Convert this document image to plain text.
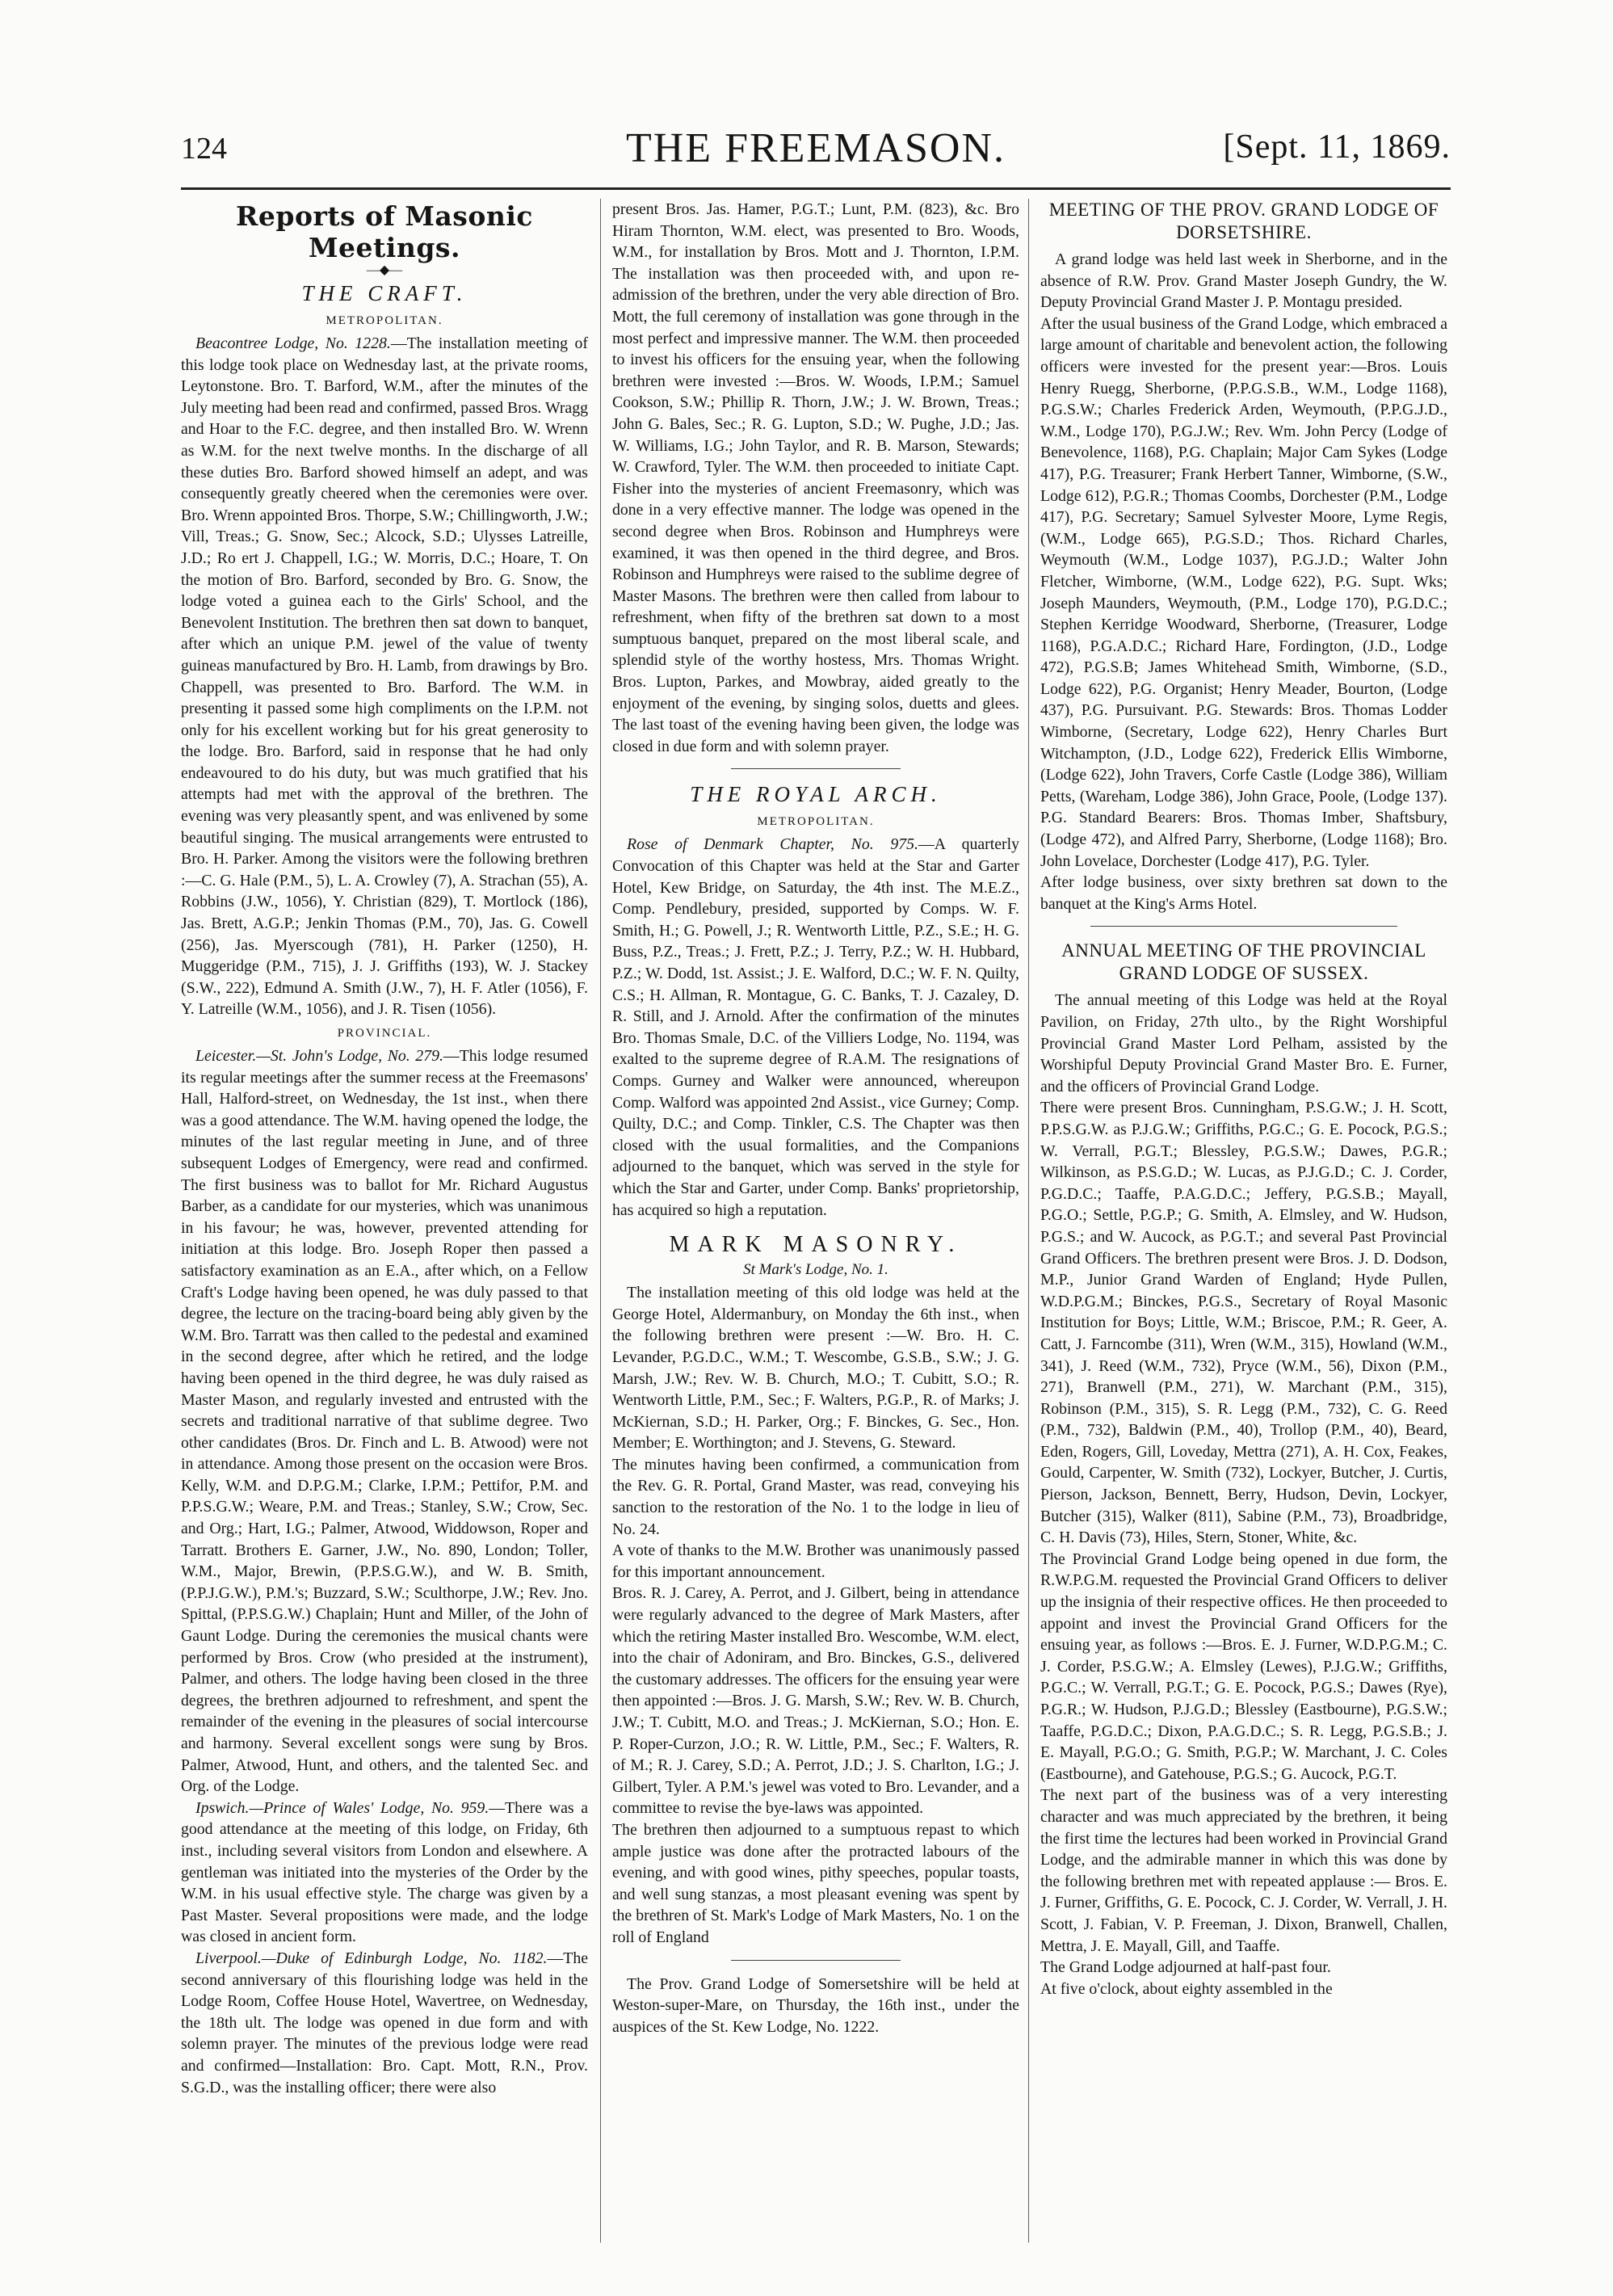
124	THE FREEMASON.	[Sept. 11, 1869.
Reports of Masonic Meetings.
—◆—
THE CRAFT.
METROPOLITAN.

Beacontree Lodge, No. 1228.—The installation meeting of this lodge took place on Wednesday last, at the private rooms, Leytonstone. Bro. T. Barford, W.M., after the minutes of the July meeting had been read and confirmed, passed Bros. Wragg and Hoar to the F.C. degree, and then installed Bro. W. Wrenn as W.M. for the next twelve months. In the discharge of all these duties Bro. Barford showed himself an adept, and was consequently greatly cheered when the ceremonies were over. Bro. Wrenn appointed Bros. Thorpe, S.W.; Chillingworth, J.W.; Vill, Treas.; G. Snow, Sec.; Alcock, S.D.; Ulysses Latreille, J.D.; Ro ert J. Chappell, I.G.; W. Morris, D.C.; Hoare, T. On the motion of Bro. Barford, seconded by Bro. G. Snow, the lodge voted a guinea each to the Girls' School, and the Benevolent Institution. The brethren then sat down to banquet, after which an unique P.M. jewel of the value of twenty guineas manufactured by Bro. H. Lamb, from drawings by Bro. Chappell, was presented to Bro. Barford. The W.M. in presenting it passed some high compliments on the I.P.M. not only for his excellent working but for his great generosity to the lodge. Bro. Barford, said in response that he had only endeavoured to do his duty, but was much gratified that his attempts had met with the approval of the brethren. The evening was very pleasantly spent, and was enlivened by some beautiful singing. The musical arrangements were entrusted to Bro. H. Parker. Among the visitors were the following brethren :—C. G. Hale (P.M., 5), L. A. Crowley (7), A. Strachan (55), A. Robbins (J.W., 1056), Y. Christian (829), T. Mortlock (186), Jas. Brett, A.G.P.; Jenkin Thomas (P.M., 70), Jas. G. Cowell (256), Jas. Myerscough (781), H. Parker (1250), H. Muggeridge (P.M., 715), J. J. Griffiths (193), W. J. Stackey (S.W., 222), Edmund A. Smith (J.W., 7), H. F. Atler (1056), F. Y. Latreille (W.M., 1056), and J. R. Tisen (1056).

PROVINCIAL.

Leicester.—St. John's Lodge, No. 279.—This lodge resumed its regular meetings after the summer recess at the Freemasons' Hall, Halford-street, on Wednesday, the 1st inst., when there was a good attendance. The W.M. having opened the lodge, the minutes of the last regular meeting in June, and of three subsequent Lodges of Emergency, were read and confirmed. The first business was to ballot for Mr. Richard Augustus Barber, as a candidate for our mysteries, which was unanimous in his favour; he was, however, prevented attending for initiation at this lodge. Bro. Joseph Roper then passed a satisfactory examination as an E.A., after which, on a Fellow Craft's Lodge having been opened, he was duly passed to that degree, the lecture on the tracing-board being ably given by the W.M. Bro. Tarratt was then called to the pedestal and examined in the second degree, after which he retired, and the lodge having been opened in the third degree, he was duly raised as Master Mason, and regularly invested and entrusted with the secrets and traditional narrative of that sublime degree. Two other candidates (Bros. Dr. Finch and L. B. Atwood) were not in attendance. Among those present on the occasion were Bros. Kelly, W.M. and D.P.G.M.; Clarke, I.P.M.; Pettifor, P.M. and P.P.S.G.W.; Weare, P.M. and Treas.; Stanley, S.W.; Crow, Sec. and Org.; Hart, I.G.; Palmer, Atwood, Widdowson, Roper and Tarratt. Brothers E. Garner, J.W., No. 890, London; Toller, W.M., Major, Brewin, (P.P.S.G.W.), and W. B. Smith, (P.P.J.G.W.), P.M.'s; Buzzard, S.W.; Sculthorpe, J.W.; Rev. Jno. Spittal, (P.P.S.G.W.) Chaplain; Hunt and Miller, of the John of Gaunt Lodge. During the ceremonies the musical chants were performed by Bros. Crow (who presided at the instrument), Palmer, and others. The lodge having been closed in the three degrees, the brethren adjourned to refreshment, and spent the remainder of the evening in the pleasures of social intercourse and harmony. Several excellent songs were sung by Bros. Palmer, Atwood, Hunt, and others, and the talented Sec. and Org. of the Lodge.

Ipswich.—Prince of Wales' Lodge, No. 959.—There was a good attendance at the meeting of this lodge, on Friday, 6th inst., including several visitors from London and elsewhere. A gentleman was initiated into the mysteries of the Order by the W.M. in his usual effective style. The charge was given by a Past Master. Several propositions were made, and the lodge was closed in ancient form.

Liverpool.—Duke of Edinburgh Lodge, No. 1182.—The second anniversary of this flourishing lodge was held in the Lodge Room, Coffee House Hotel, Wavertree, on Wednesday, the 18th ult. The lodge was opened in due form and with solemn prayer. The minutes of the previous lodge were read and confirmed—Installation: Bro. Capt. Mott, R.N., Prov. S.G.D., was the installing officer; there were also

present Bros. Jas. Hamer, P.G.T.; Lunt, P.M. (823), &c. Bro Hiram Thornton, W.M. elect, was presented to Bro. Woods, W.M., for installation by Bros. Mott and J. Thornton, I.P.M. The installation was then proceeded with, and upon re-admission of the brethren, under the very able direction of Bro. Mott, the full ceremony of installation was gone through in the most perfect and impressive manner. The W.M. then proceeded to invest his officers for the ensuing year, when the following brethren were invested :—Bros. W. Woods, I.P.M.; Samuel Cookson, S.W.; Phillip R. Thorn, J.W.; J. W. Brown, Treas.; John G. Bales, Sec.; R. G. Lupton, S.D.; W. Pughe, J.D.; Jas. W. Williams, I.G.; John Taylor, and R. B. Marson, Stewards; W. Crawford, Tyler. The W.M. then proceeded to initiate Capt. Fisher into the mysteries of ancient Freemasonry, which was done in a very effective manner. The lodge was opened in the second degree when Bros. Robinson and Humphreys were examined, it was then opened in the third degree, and Bros. Robinson and Humphreys were raised to the sublime degree of Master Masons. The brethren were then called from labour to refreshment, when fifty of the brethren sat down to a most sumptuous banquet, prepared on the most liberal scale, and splendid style of the worthy hostess, Mrs. Thomas Wright. Bros. Lupton, Parkes, and Mowbray, aided greatly to the enjoyment of the evening, by singing solos, duetts and glees. The last toast of the evening having been given, the lodge was closed in due form and with solemn prayer.

THE ROYAL ARCH.
METROPOLITAN.

Rose of Denmark Chapter, No. 975.—A quarterly Convocation of this Chapter was held at the Star and Garter Hotel, Kew Bridge, on Saturday, the 4th inst. The M.E.Z., Comp. Pendlebury, presided, supported by Comps. W. F. Smith, H.; G. Powell, J.; R. Wentworth Little, P.Z., S.E.; H. G. Buss, P.Z., Treas.; J. Frett, P.Z.; J. Terry, P.Z.; W. H. Hubbard, P.Z.; W. Dodd, 1st. Assist.; J. E. Walford, D.C.; W. F. N. Quilty, C.S.; H. Allman, R. Montague, G. C. Banks, T. J. Cazaley, D. R. Still, and J. Arnold. After the confirmation of the minutes Bro. Thomas Smale, D.C. of the Villiers Lodge, No. 1194, was exalted to the supreme degree of R.A.M. The resignations of Comps. Gurney and Walker were announced, whereupon Comp. Walford was appointed 2nd Assist., vice Gurney; Comp. Quilty, D.C.; and Comp. Tinkler, C.S. The Chapter was then closed with the usual formalities, and the Companions adjourned to the banquet, which was served in the style for which the Star and Garter, under Comp. Banks' proprietorship, has acquired so high a reputation.

MARK MASONRY.
St Mark's Lodge, No. 1.
The installation meeting of this old lodge was held at the George Hotel, Aldermanbury, on Monday the 6th inst., when the following brethren were present :—W. Bro. H. C. Levander, P.G.D.C., W.M.; T. Wescombe, G.S.B., S.W.; J. G. Marsh, J.W.; Rev. W. B. Church, M.O.; T. Cubitt, S.O.; R. Wentworth Little, P.M., Sec.; F. Walters, P.G.P., R. of Marks; J. McKiernan, S.D.; H. Parker, Org.; F. Binckes, G. Sec., Hon. Member; E. Worthington; and J. Stevens, G. Steward.
The minutes having been confirmed, a communication from the Rev. G. R. Portal, Grand Master, was read, conveying his sanction to the restoration of the No. 1 to the lodge in lieu of No. 24.
A vote of thanks to the M.W. Brother was unanimously passed for this important announcement.
Bros. R. J. Carey, A. Perrot, and J. Gilbert, being in attendance were regularly advanced to the degree of Mark Masters, after which the retiring Master installed Bro. Wescombe, W.M. elect, into the chair of Adoniram, and Bro. Binckes, G.S., delivered the customary addresses. The officers for the ensuing year were then appointed :—Bros. J. G. Marsh, S.W.; Rev. W. B. Church, J.W.; T. Cubitt, M.O. and Treas.; J. McKiernan, S.O.; Hon. E. P. Roper-Curzon, J.O.; R. W. Little, P.M., Sec.; F. Walters, R. of M.; R. J. Carey, S.D.; A. Perrot, J.D.; J. S. Charlton, I.G.; J. Gilbert, Tyler. A P.M.'s jewel was voted to Bro. Levander, and a committee to revise the bye-laws was appointed.
The brethren then adjourned to a sumptuous repast to which ample justice was done after the protracted labours of the evening, and with good wines, pithy speeches, popular toasts, and well sung stanzas, a most pleasant evening was spent by the brethren of St. Mark's Lodge of Mark Masters, No. 1 on the roll of England

The Prov. Grand Lodge of Somersetshire will be held at Weston-super-Mare, on Thursday, the 16th inst., under the auspices of the St. Kew Lodge, No. 1222.

MEETING OF THE PROV. GRAND LODGE OF DORSETSHIRE.
A grand lodge was held last week in Sherborne, and in the absence of R.W. Prov. Grand Master Joseph Gundry, the W. Deputy Provincial Grand Master J. P. Montagu presided.
After the usual business of the Grand Lodge, which embraced a large amount of charitable and benevolent action, the following officers were invested for the present year:—Bros. Louis Henry Ruegg, Sherborne, (P.P.G.S.B., W.M., Lodge 1168), P.G.S.W.; Charles Frederick Arden, Weymouth, (P.P.G.J.D., W.M., Lodge 170), P.G.J.W.; Rev. Wm. John Percy (Lodge of Benevolence, 1168), P.G. Chaplain; Major Cam Sykes (Lodge 417), P.G. Treasurer; Frank Herbert Tanner, Wimborne, (S.W., Lodge 612), P.G.R.; Thomas Coombs, Dorchester (P.M., Lodge 417), P.G. Secretary; Samuel Sylvester Moore, Lyme Regis, (W.M., Lodge 665), P.G.S.D.; Thos. Richard Charles, Weymouth (W.M., Lodge 1037), P.G.J.D.; Walter John Fletcher, Wimborne, (W.M., Lodge 622), P.G. Supt. Wks; Joseph Maunders, Weymouth, (P.M., Lodge 170), P.G.D.C.; Stephen Kerridge Woodward, Sherborne, (Treasurer, Lodge 1168), P.G.A.D.C.; Richard Hare, Fordington, (J.D., Lodge 472), P.G.S.B; James Whitehead Smith, Wimborne, (S.D., Lodge 622), P.G. Organist; Henry Meader, Bourton, (Lodge 437), P.G. Pursuivant. P.G. Stewards: Bros. Thomas Lodder Wimborne, (Secretary, Lodge 622), Henry Charles Burt Witchampton, (J.D., Lodge 622), Frederick Ellis Wimborne, (Lodge 622), John Travers, Corfe Castle (Lodge 386), William Petts, (Wareham, Lodge 386), John Grace, Poole, (Lodge 137). P.G. Standard Bearers: Bros. Thomas Imber, Shaftsbury, (Lodge 472), and Alfred Parry, Sherborne, (Lodge 1168); Bro. John Lovelace, Dorchester (Lodge 417), P.G. Tyler.
After lodge business, over sixty brethren sat down to the banquet at the King's Arms Hotel.
ANNUAL MEETING OF THE PROVINCIAL GRAND LODGE OF SUSSEX.
The annual meeting of this Lodge was held at the Royal Pavilion, on Friday, 27th ulto., by the Right Worshipful Provincial Grand Master Lord Pelham, assisted by the Worshipful Deputy Provincial Grand Master Bro. E. Furner, and the officers of Provincial Grand Lodge.
There were present Bros. Cunningham, P.S.G.W.; J. H. Scott, P.P.S.G.W. as P.J.G.W.; Griffiths, P.G.C.; G. E. Pocock, P.G.S.; W. Verrall, P.G.T.; Blessley, P.G.S.W.; Dawes, P.G.R.; Wilkinson, as P.S.G.D.; W. Lucas, as P.J.G.D.; C. J. Corder, P.G.D.C.; Taaffe, P.A.G.D.C.; Jeffery, P.G.S.B.; Mayall, P.G.O.; Settle, P.G.P.; G. Smith, A. Elmsley, and W. Hudson, P.G.S.; and W. Aucock, as P.G.T.; and several Past Provincial Grand Officers. The brethren present were Bros. J. D. Dodson, M.P., Junior Grand Warden of England; Hyde Pullen, W.D.P.G.M.; Binckes, P.G.S., Secretary of Royal Masonic Institution for Boys; Little, W.M.; Briscoe, P.M.; R. Geer, A. Catt, J. Farncombe (311), Wren (W.M., 315), Howland (W.M., 341), J. Reed (W.M., 732), Pryce (W.M., 56), Dixon (P.M., 271), Branwell (P.M., 271), W. Marchant (P.M., 315), Robinson (P.M., 315), S. R. Legg (P.M., 732), C. G. Reed (P.M., 732), Baldwin (P.M., 40), Trollop (P.M., 40), Beard, Eden, Rogers, Gill, Loveday, Mettra (271), A. H. Cox, Feakes, Gould, Carpenter, W. Smith (732), Lockyer, Butcher, J. Curtis, Pierson, Jackson, Bennett, Berry, Hudson, Devin, Lockyer, Butcher (315), Walker (811), Sabine (P.M., 73), Broadbridge, C. H. Davis (73), Hiles, Stern, Stoner, White, &c.
The Provincial Grand Lodge being opened in due form, the R.W.P.G.M. requested the Provincial Grand Officers to deliver up the insignia of their respective offices. He then proceeded to appoint and invest the Provincial Grand Officers for the ensuing year, as follows :—Bros. E. J. Furner, W.D.P.G.M.; C. J. Corder, P.S.G.W.; A. Elmsley (Lewes), P.J.G.W.; Griffiths, P.G.C.; W. Verrall, P.G.T.; G. E. Pocock, P.G.S.; Dawes (Rye), P.G.R.; W. Hudson, P.J.G.D.; Blessley (Eastbourne), P.G.S.W.; Taaffe, P.G.D.C.; Dixon, P.A.G.D.C.; S. R. Legg, P.G.S.B.; J. E. Mayall, P.G.O.; G. Smith, P.G.P.; W. Marchant, J. C. Coles (Eastbourne), and Gatehouse, P.G.S.; G. Aucock, P.G.T.
The next part of the business was of a very interesting character and was much appreciated by the brethren, it being the first time the lectures had been worked in Provincial Grand Lodge, and the admirable manner in which this was done by the following brethren met with repeated applause :— Bros. E. J. Furner, Griffiths, G. E. Pocock, C. J. Corder, W. Verrall, J. H. Scott, J. Fabian, V. P. Freeman, J. Dixon, Branwell, Challen, Mettra, J. E. Mayall, Gill, and Taaffe.
The Grand Lodge adjourned at half-past four.
At five o'clock, about eighty assembled in the
